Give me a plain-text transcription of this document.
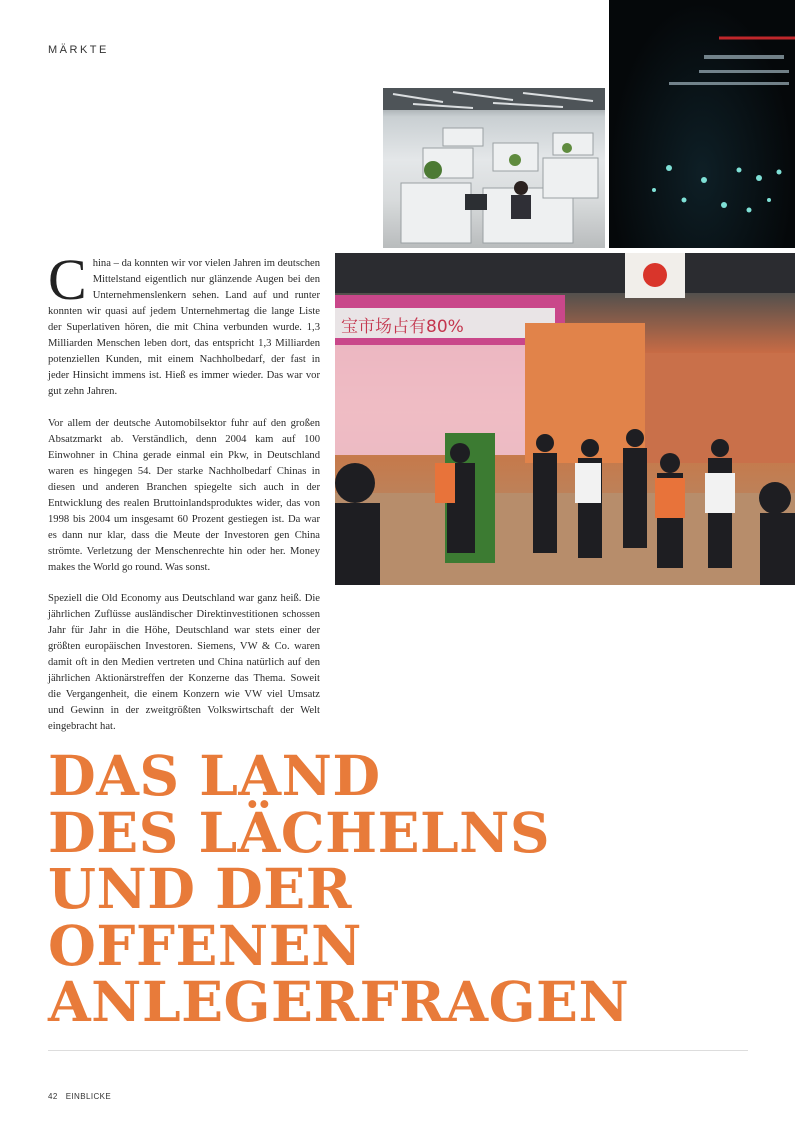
MÄRKTE
宝市场占有80%

China – da konnten wir vor vielen Jahren im deutschen Mittelstand eigentlich nur glänzende Augen bei den Unternehmenslenkern sehen. Land auf und runter konnten wir quasi auf jedem Unternehmertag die lange Liste der Superlativen hören, die mit China verbunden wurde. 1,3 Milliarden Menschen leben dort, das entspricht 1,3 Milliarden potenziellen Kunden, mit einem Nachholbedarf, der fast in jeder Hinsicht immens ist. Hieß es immer wieder. Das war vor gut zehn Jahren.

Vor allem der deutsche Automobilsektor fuhr auf den großen Absatzmarkt ab. Verständlich, denn 2004 kam auf 100 Einwohner in China gerade einmal ein Pkw, in Deutschland waren es hingegen 54. Der starke Nachholbedarf Chinas in diesen und anderen Branchen spiegelte sich auch in der Entwicklung des realen Bruttoinlandsproduktes wider, das von 1998 bis 2004 um insgesamt 60 Prozent gestiegen ist. Da war es dann nur klar, dass die Meute der Investoren gen China strömte. Verletzung der Menschenrechte hin oder her. Money makes the World go round. Was sonst.

Speziell die Old Economy aus Deutschland war ganz heiß. Die jährlichen Zuflüsse ausländischer Direktinvestitionen schossen Jahr für Jahr in die Höhe, Deutschland war stets einer der größten europäischen Investoren. Siemens, VW & Co. waren damit oft in den Medien vertreten und China natürlich auf den jährlichen Aktionärstreffen der Konzerne das Thema. Soweit die Vergangenheit, die einem Konzern wie VW viel Umsatz und Gewinn in der zweitgrößten Volkswirtschaft der Welt eingebracht hat.

DAS LAND
DES LÄCHELNS
UND DER
OFFENEN
ANLEGERFRAGEN
42 EINBLICKE
